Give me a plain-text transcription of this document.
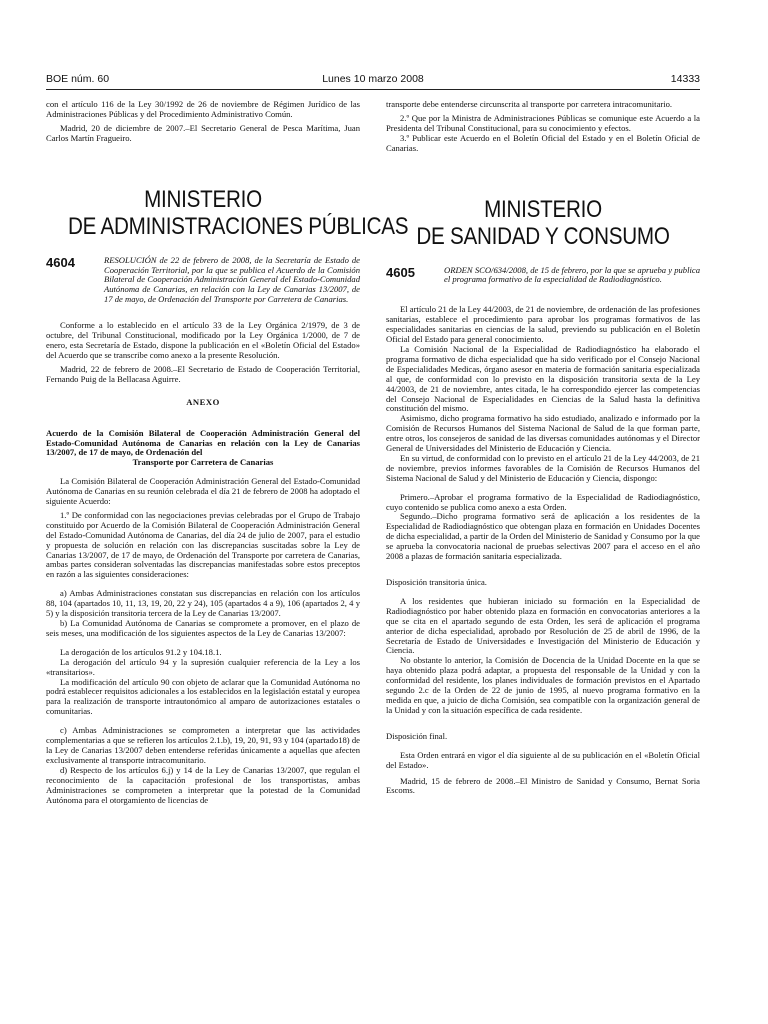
BOE núm. 60	Lunes 10 marzo 2008	14333

con el artículo 116 de la Ley 30/1992 de 26 de noviembre de Régimen Jurídico de las Administraciones Públicas y del Procedimiento Administrativo Común.

Madrid, 20 de diciembre de 2007.–El Secretario General de Pesca Marítima, Juan Carlos Martín Fragueiro.

MINISTERIO
DE ADMINISTRACIONES PÚBLICAS
4604	RESOLUCIÓN de 22 de febrero de 2008, de la Secretaría de Estado de Cooperación Territorial, por la que se publica el Acuerdo de la Comisión Bilateral de Cooperación Administración General del Estado-Comunidad Autónoma de Canarias, en relación con la Ley de Canarias 13/2007, de 17 de mayo, de Ordenación del Transporte por Carretera de Canarias.

Conforme a lo establecido en el artículo 33 de la Ley Orgánica 2/1979, de 3 de octubre, del Tribunal Constitucional, modificado por la Ley Orgánica 1/2000, de 7 de enero, esta Secretaría de Estado, dispone la publicación en el «Boletín Oficial del Estado» del Acuerdo que se transcribe como anexo a la presente Resolución.

Madrid, 22 de febrero de 2008.–El Secretario de Estado de Cooperación Territorial, Fernando Puig de la Bellacasa Aguirre.

ANEXO
Acuerdo de la Comisión Bilateral de Cooperación Administración General del Estado-Comunidad Autónoma de Canarias en relación con la Ley de Canarias 13/2007, de 17 de mayo, de Ordenación del
Transporte por Carretera de Canarias

La Comisión Bilateral de Cooperación Administración General del Estado-Comunidad Autónoma de Canarias en su reunión celebrada el día 21 de febrero de 2008 ha adoptado el siguiente Acuerdo:

1.º De conformidad con las negociaciones previas celebradas por el Grupo de Trabajo constituido por Acuerdo de la Comisión Bilateral de Cooperación Administración General del Estado-Comunidad Autónoma de Canarias, del día 24 de julio de 2007, para el estudio y propuesta de solución en relación con las discrepancias suscitadas sobre la Ley de Canarias 13/2007, de 17 de mayo, de Ordenación del Transporte por carretera de Canarias, ambas partes consideran solventadas las discrepancias manifestadas sobre estos preceptos en razón a las siguientes consideraciones:

a) Ambas Administraciones constatan sus discrepancias en relación con los artículos 88, 104 (apartados 10, 11, 13, 19, 20, 22 y 24), 105 (apartados 4 a 9), 106 (apartados 2, 4 y 5) y la disposición transitoria tercera de la Ley de Canarias 13/2007.

b) La Comunidad Autónoma de Canarias se compromete a promover, en el plazo de seis meses, una modificación de los siguientes aspectos de la Ley de Canarias 13/2007:

La derogación de los artículos 91.2 y 104.18.1.

La derogación del artículo 94 y la supresión cualquier referencia de la Ley a los «transitarios».

La modificación del artículo 90 con objeto de aclarar que la Comunidad Autónoma no podrá establecer requisitos adicionales a los establecidos en la legislación estatal y europea para la realización de transporte intrautonómico al amparo de autorizaciones estatales o comunitarias.

c) Ambas Administraciones se comprometen a interpretar que las actividades complementarias a que se refieren los artículos 2.1.b), 19, 20, 91, 93 y 104 (apartado18) de la Ley de Canarias 13/2007 deben entenderse referidas únicamente a aquellas que afecten exclusivamente al transporte intracomunitario.

d) Respecto de los artículos 6.j) y 14 de la Ley de Canarias 13/2007, que regulan el reconocimiento de la capacitación profesional de los transportistas, ambas Administraciones se comprometen a interpretar que la potestad de la Comunidad Autónoma para el otorgamiento de licencias de

transporte debe entenderse circunscrita al transporte por carretera intracomunitario.

2.º Que por la Ministra de Administraciones Públicas se comunique este Acuerdo a la Presidenta del Tribunal Constitucional, para su conocimiento y efectos.

3.º Publicar este Acuerdo en el Boletín Oficial del Estado y en el Boletín Oficial de Canarias.

MINISTERIO
DE SANIDAD Y CONSUMO
4605	ORDEN SCO/634/2008, de 15 de febrero, por la que se aprueba y publica el programa formativo de la especialidad de Radiodiagnóstico.

El artículo 21 de la Ley 44/2003, de 21 de noviembre, de ordenación de las profesiones sanitarias, establece el procedimiento para aprobar los programas formativos de las especialidades sanitarias en ciencias de la salud, previendo su publicación en el Boletín Oficial del Estado para general conocimiento.

La Comisión Nacional de la Especialidad de Radiodiagnóstico ha elaborado el programa formativo de dicha especialidad que ha sido verificado por el Consejo Nacional de Especialidades Medicas, órgano asesor en materia de formación sanitaria especializada al que, de conformidad con lo previsto en la disposición transitoria sexta de la Ley 44/2003, de 21 de noviembre, antes citada, le ha correspondido ejercer las competencias del Consejo Nacional de Especialidades en Ciencias de la Salud hasta la definitiva constitución del mismo.

Asimismo, dicho programa formativo ha sido estudiado, analizado e informado por la Comisión de Recursos Humanos del Sistema Nacional de Salud de la que forman parte, entre otros, los consejeros de sanidad de las diversas comunidades autónomas y el Director General de Universidades del Ministerio de Educación y Ciencia.

En su virtud, de conformidad con lo previsto en el artículo 21 de la Ley 44/2003, de 21 de noviembre, previos informes favorables de la Comisión de Recursos Humanos del Sistema Nacional de Salud y del Ministerio de Educación y Ciencia, dispongo:

Primero.–Aprobar el programa formativo de la Especialidad de Radiodiagnóstico, cuyo contenido se publica como anexo a esta Orden.

Segundo.–Dicho programa formativo será de aplicación a los residentes de la Especialidad de Radiodiagnóstico que obtengan plaza en formación en Unidades Docentes de dicha especialidad, a partir de la Orden del Ministerio de Sanidad y Consumo por la que se aprueba la convocatoria nacional de pruebas selectivas 2007 para el acceso en el año 2008 a plazas de formación sanitaria especializada.

Disposición transitoria única.

A los residentes que hubieran iniciado su formación en la Especialidad de Radiodiagnóstico por haber obtenido plaza en formación en convocatorias anteriores a la que se cita en el apartado segundo de esta Orden, les será de aplicación el programa anterior de dicha especialidad, aprobado por Resolución de 25 de abril de 1996, de la Secretaría de Estado de Universidades e Investigación del Ministerio de Educación y Ciencia.

No obstante lo anterior, la Comisión de Docencia de la Unidad Docente en la que se haya obtenido plaza podrá adaptar, a propuesta del responsable de la Unidad y con la conformidad del residente, los planes individuales de formación previstos en el Apartado segundo 2.c de la Orden de 22 de junio de 1995, al nuevo programa formativo en la medida en que, a juicio de dicha Comisión, sea compatible con la organización general de la Unidad y con la situación específica de cada residente.

Disposición final.

Esta Orden entrará en vigor el día siguiente al de su publicación en el «Boletín Oficial del Estado».

Madrid, 15 de febrero de 2008.–El Ministro de Sanidad y Consumo, Bernat Soria Escoms.
